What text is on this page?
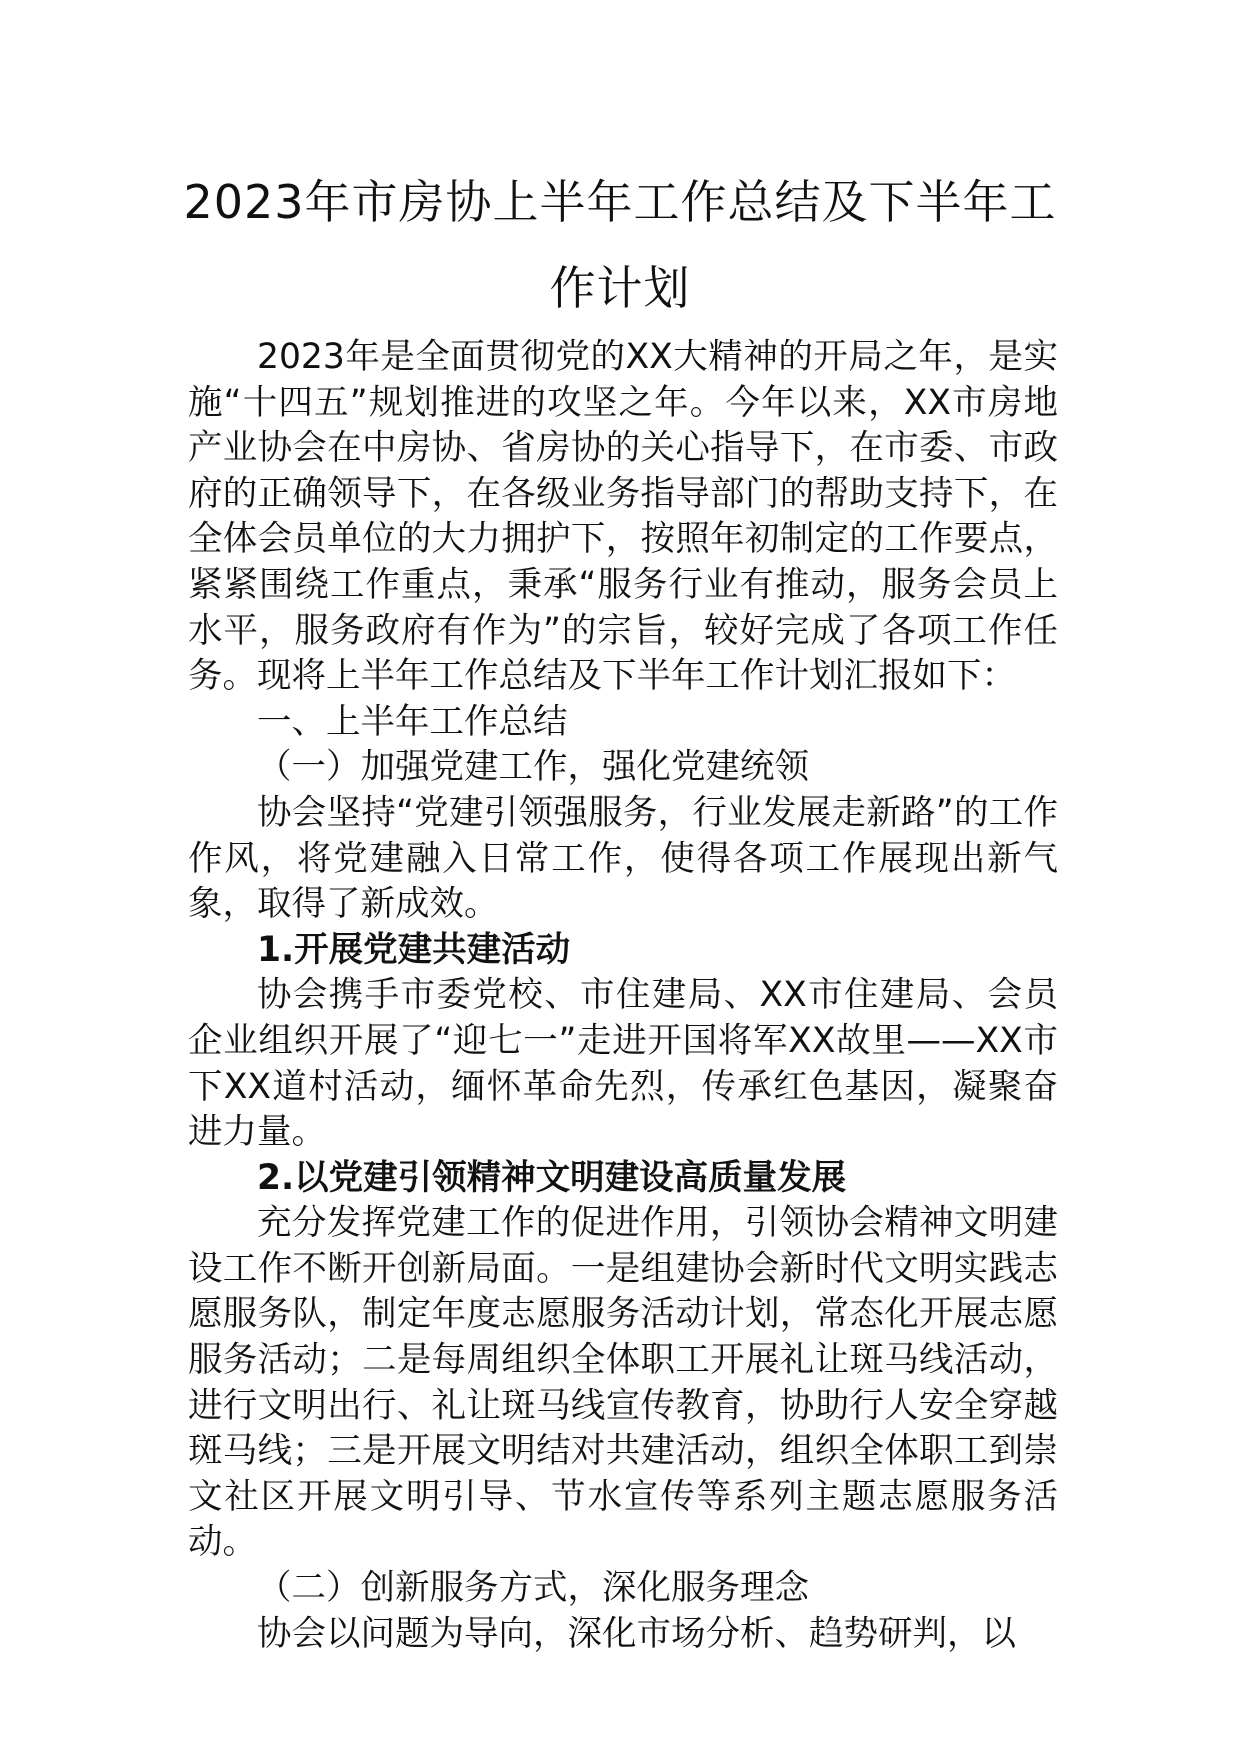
2023年市房协上半年工作总结及下半年工
作计划

2023年是全面贯彻党的XX大精神的开局之年，是实施“十四五”规划推进的攻坚之年。今年以来，XX市房地产业协会在中房协、省房协的关心指导下，在市委、市政府的正确领导下，在各级业务指导部门的帮助支持下，在全体会员单位的大力拥护下，按照年初制定的工作要点，紧紧围绕工作重点，秉承“服务行业有推动，服务会员上水平，服务政府有作为”的宗旨，较好完成了各项工作任务。现将上半年工作总结及下半年工作计划汇报如下：

一、上半年工作总结

（一）加强党建工作，强化党建统领

协会坚持“党建引领强服务，行业发展走新路”的工作作风，将党建融入日常工作，使得各项工作展现出新气象，取得了新成效。

1.开展党建共建活动

协会携手市委党校、市住建局、XX市住建局、会员企业组织开展了“迎七一”走进开国将军XX故里——XX市下XX道村活动，缅怀革命先烈，传承红色基因，凝聚奋进力量。

2.以党建引领精神文明建设高质量发展

充分发挥党建工作的促进作用，引领协会精神文明建设工作不断开创新局面。一是组建协会新时代文明实践志愿服务队，制定年度志愿服务活动计划，常态化开展志愿服务活动；二是每周组织全体职工开展礼让斑马线活动，进行文明出行、礼让斑马线宣传教育，协助行人安全穿越斑马线；三是开展文明结对共建活动，组织全体职工到崇文社区开展文明引导、节水宣传等系列主题志愿服务活动。

（二）创新服务方式，深化服务理念

协会以问题为导向，深化市场分析、趋势研判，以
